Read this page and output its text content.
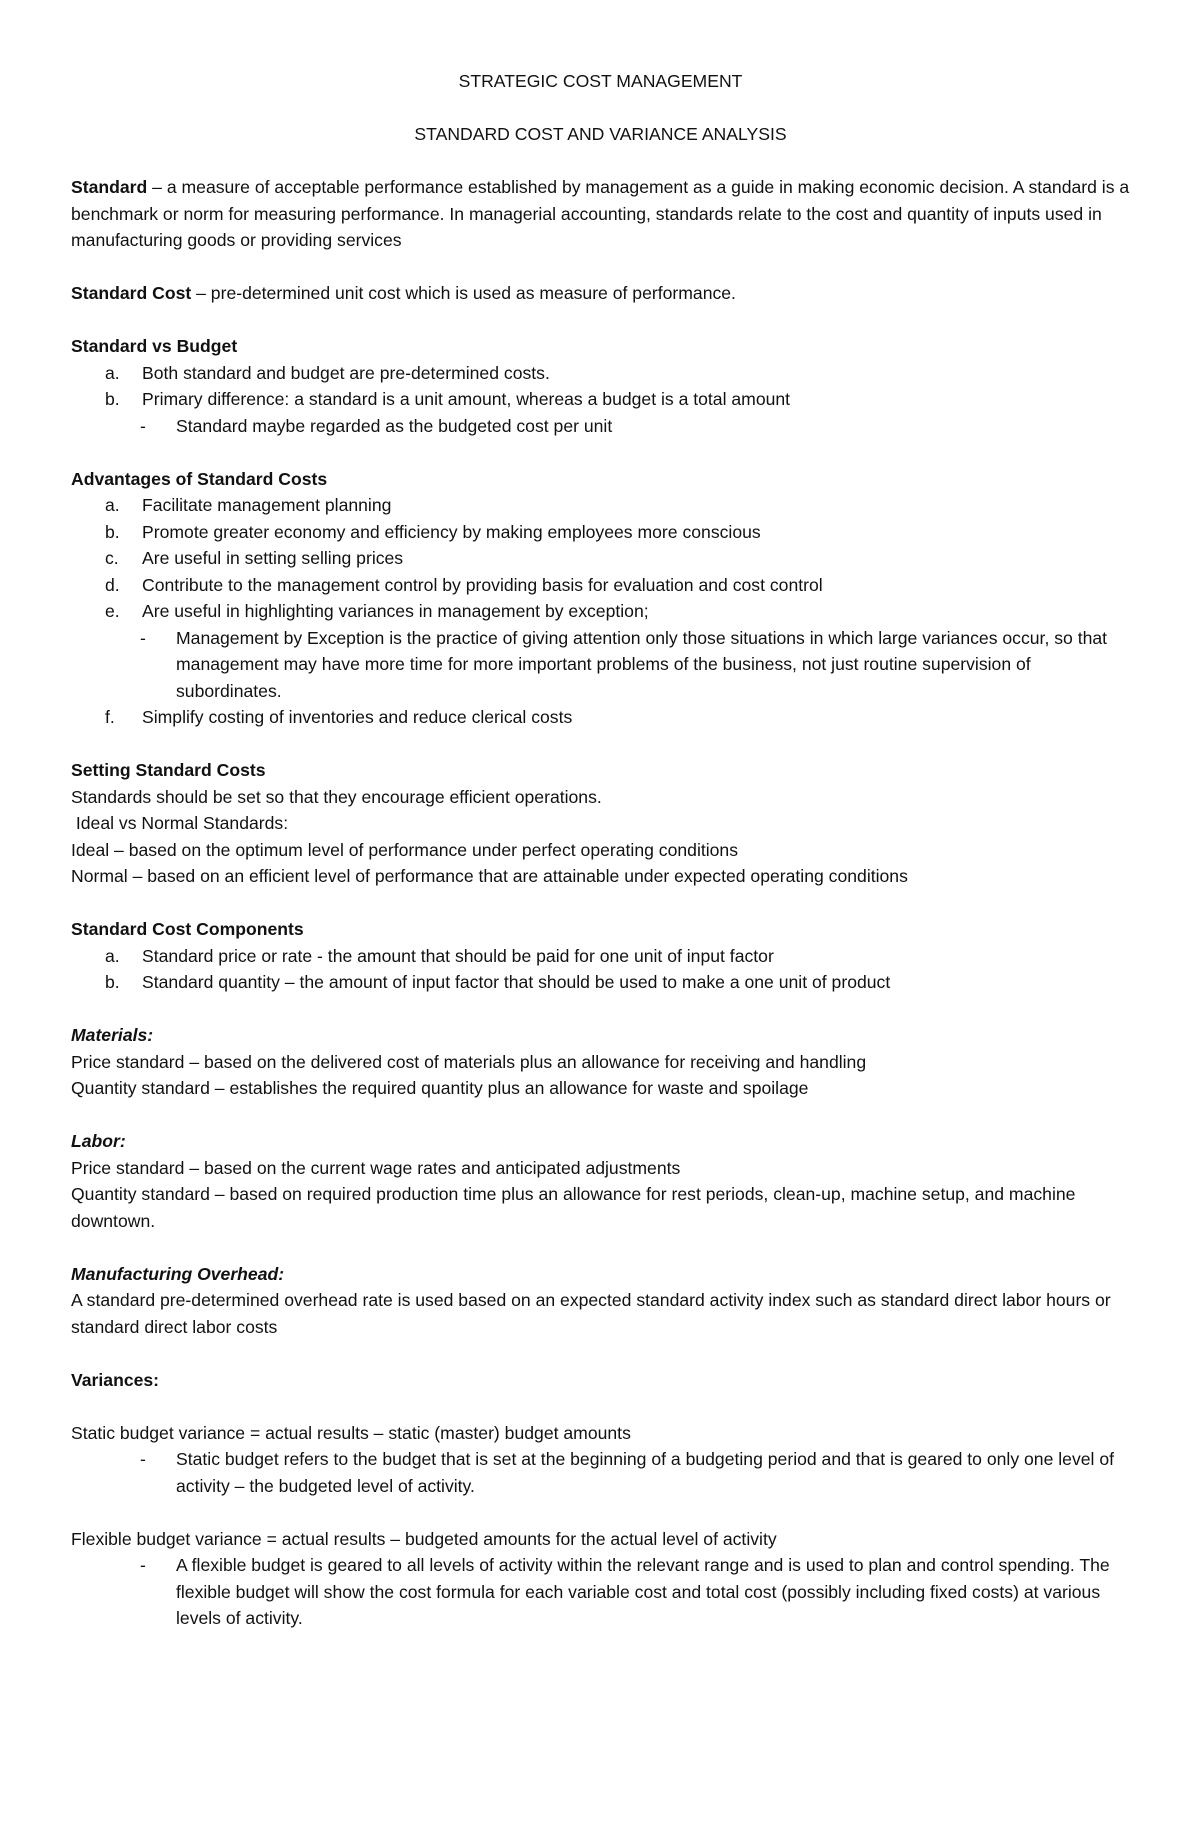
STRATEGIC COST MANAGEMENT

STANDARD COST AND VARIANCE ANALYSIS

Standard – a measure of acceptable performance established by management as a guide in making economic decision. A standard is a benchmark or norm for measuring performance. In managerial accounting, standards relate to the cost and quantity of inputs used in manufacturing goods or providing services

Standard Cost – pre-determined unit cost which is used as measure of performance.

Standard vs Budget

a. Both standard and budget are pre-determined costs.
b. Primary difference: a standard is a unit amount, whereas a budget is a total amount
- Standard maybe regarded as the budgeted cost per unit

Advantages of Standard Costs

a. Facilitate management planning
b. Promote greater economy and efficiency by making employees more conscious
c. Are useful in setting selling prices
d. Contribute to the management control by providing basis for evaluation and cost control
e. Are useful in highlighting variances in management by exception;
- Management by Exception is the practice of giving attention only those situations in which large variances occur, so that management may have more time for more important problems of the business, not just routine supervision of subordinates.
f. Simplify costing of inventories and reduce clerical costs

Setting Standard Costs

Standards should be set so that they encourage efficient operations.

Ideal vs Normal Standards:

Ideal – based on the optimum level of performance under perfect operating conditions

Normal – based on an efficient level of performance that are attainable under expected operating conditions

Standard Cost Components

a. Standard price or rate - the amount that should be paid for one unit of input factor
b. Standard quantity – the amount of input factor that should be used to make a one unit of product

Materials:

Price standard – based on the delivered cost of materials plus an allowance for receiving and handling

Quantity standard – establishes the required quantity plus an allowance for waste and spoilage

Labor:

Price standard – based on the current wage rates and anticipated adjustments

Quantity standard – based on required production time plus an allowance for rest periods, clean-up, machine setup, and machine downtown.

Manufacturing Overhead:

A standard pre-determined overhead rate is used based on an expected standard activity index such as standard direct labor hours or standard direct labor costs

Variances:

Static budget variance = actual results – static (master) budget amounts

- Static budget refers to the budget that is set at the beginning of a budgeting period and that is geared to only one level of activity – the budgeted level of activity.

Flexible budget variance = actual results – budgeted amounts for the actual level of activity

- A flexible budget is geared to all levels of activity within the relevant range and is used to plan and control spending. The flexible budget will show the cost formula for each variable cost and total cost (possibly including fixed costs) at various levels of activity.
